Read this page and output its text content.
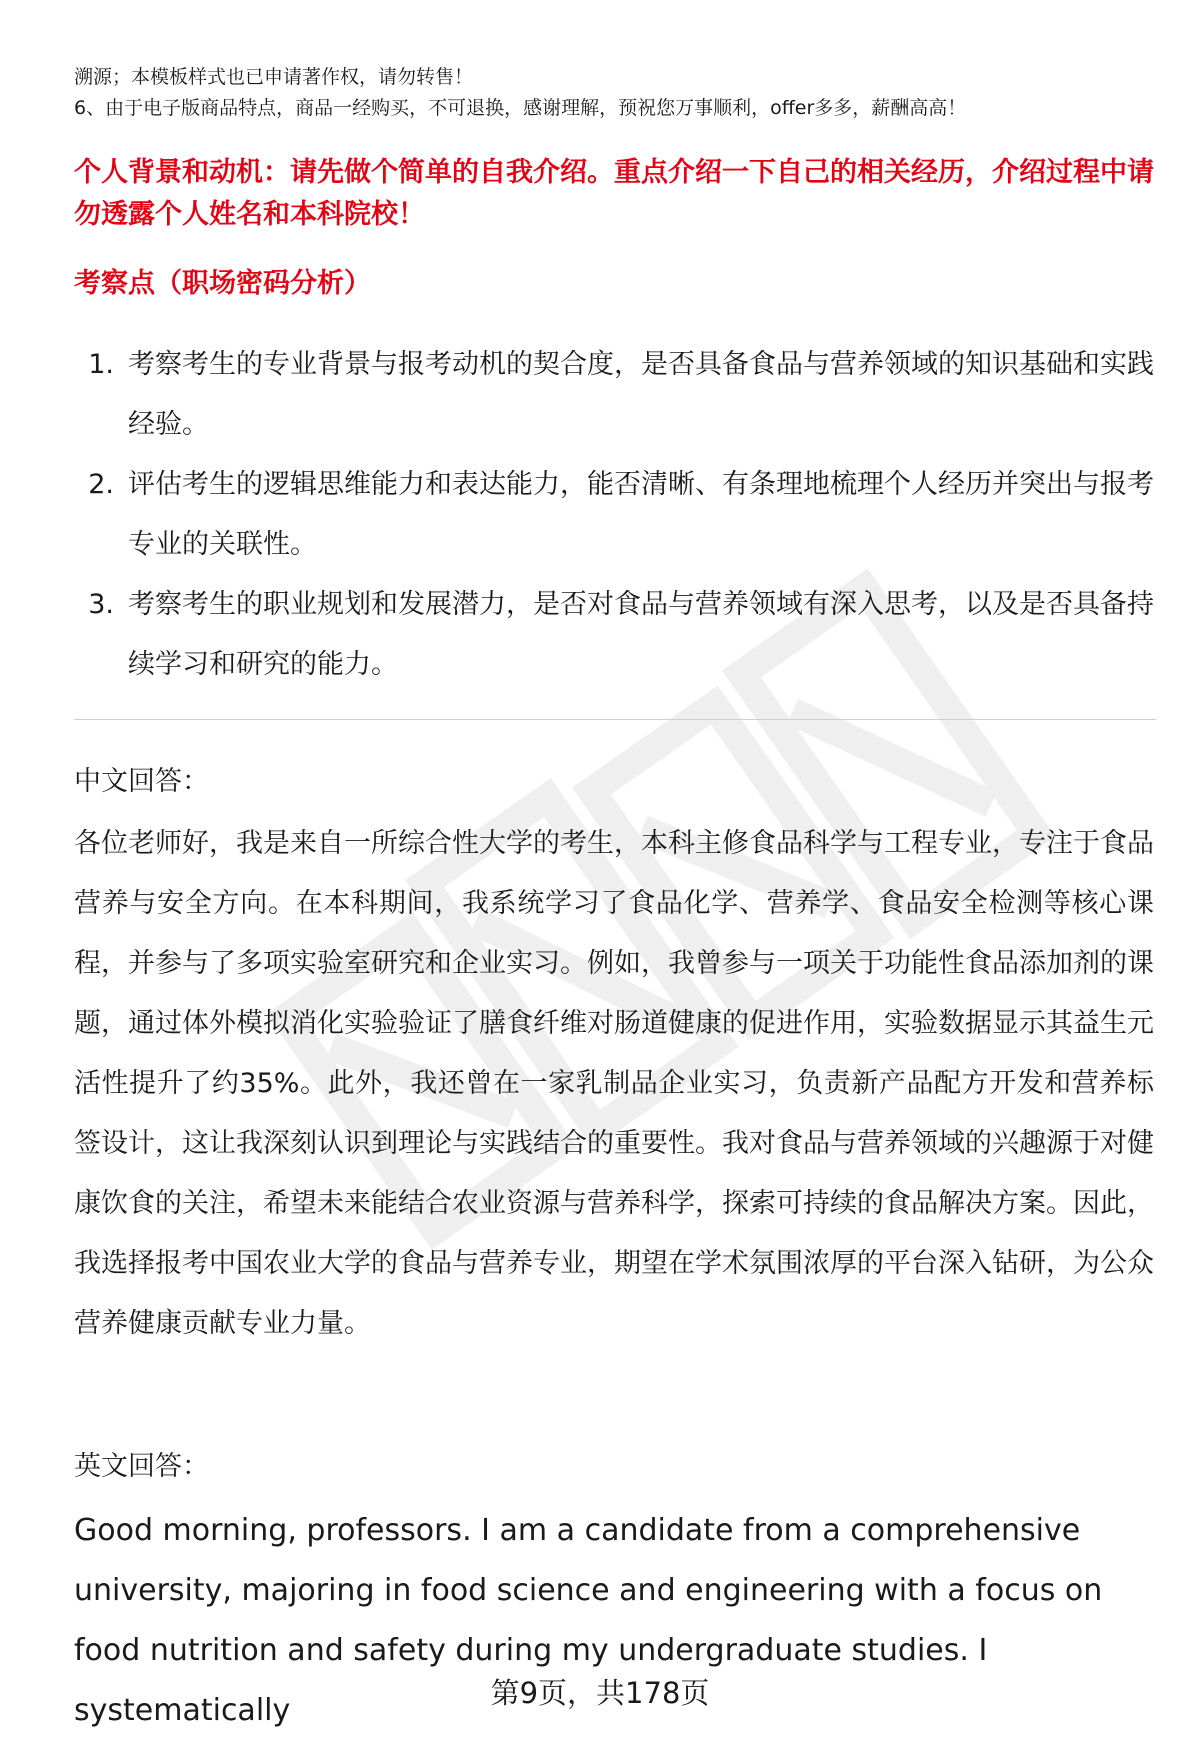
溯源；本模板样式也已申请著作权，请勿转售！

6、由于电子版商品特点，商品一经购买，不可退换，感谢理解，预祝您万事顺利，offer多多，薪酬高高！

个人背景和动机：请先做个简单的自我介绍。重点介绍一下自己的相关经历，介绍过程中请勿透露个人姓名和本科院校！
考察点（职场密码分析）
1. 考察考生的专业背景与报考动机的契合度，是否具备食品与营养领域的知识基础和实践经验。
2. 评估考生的逻辑思维能力和表达能力，能否清晰、有条理地梳理个人经历并突出与报考专业的关联性。
3. 考察考生的职业规划和发展潜力，是否对食品与营养领域有深入思考，以及是否具备持续学习和研究的能力。

中文回答：

各位老师好，我是来自一所综合性大学的考生，本科主修食品科学与工程专业，专注于食品营养与安全方向。在本科期间，我系统学习了食品化学、营养学、食品安全检测等核心课程，并参与了多项实验室研究和企业实习。例如，我曾参与一项关于功能性食品添加剂的课题，通过体外模拟消化实验验证了膳食纤维对肠道健康的促进作用，实验数据显示其益生元活性提升了约35%。此外，我还曾在一家乳制品企业实习，负责新产品配方开发和营养标签设计，这让我深刻认识到理论与实践结合的重要性。我对食品与营养领域的兴趣源于对健康饮食的关注，希望未来能结合农业资源与营养科学，探索可持续的食品解决方案。因此，我选择报考中国农业大学的食品与营养专业，期望在学术氛围浓厚的平台深入钻研，为公众营养健康贡献专业力量。

英文回答：

Good morning, professors. I am a candidate from a comprehensive university, majoring in food science and engineering with a focus on food nutrition and safety during my undergraduate studies. I systematically	第9页，共178页
